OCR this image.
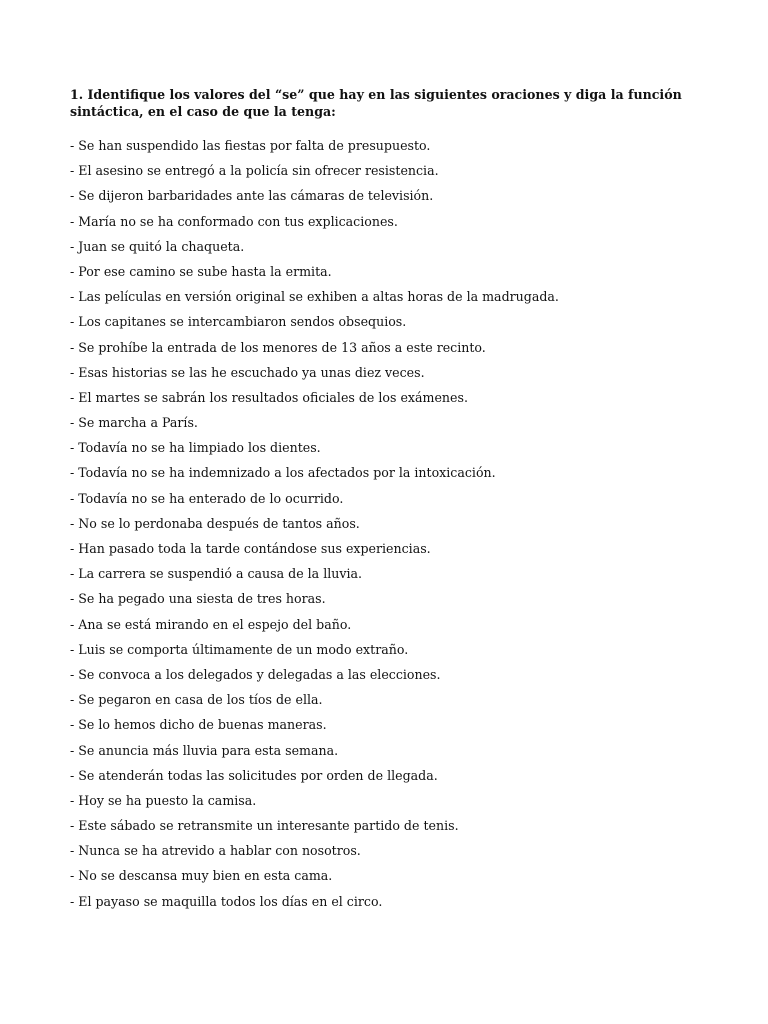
1. Identifique los valores del “se” que hay en las siguientes oraciones y diga la función sintáctica, en el caso de que la tenga:
- Se han suspendido las fiestas por falta de presupuesto.
- El asesino se entregó a la policía sin ofrecer resistencia.
- Se dijeron barbaridades ante las cámaras de televisión.
- María no se ha conformado con tus explicaciones.
- Juan se quitó la chaqueta.
- Por ese camino se sube hasta la ermita.
- Las películas en versión original se exhiben a altas horas de la madrugada.
- Los capitanes se intercambiaron sendos obsequios.
- Se prohíbe la entrada de los menores de 13 años a este recinto.
- Esas historias se las he escuchado ya unas diez veces.
- El martes se sabrán los resultados oficiales de los exámenes.
- Se marcha a París.
- Todavía no se ha limpiado los dientes.
- Todavía no se ha indemnizado a los afectados por la intoxicación.
- Todavía no se ha enterado de lo ocurrido.
- No se lo perdonaba después de tantos años.
- Han pasado toda la tarde contándose sus experiencias.
- La carrera se suspendió a causa de la lluvia.
- Se ha pegado una siesta de tres horas.
- Ana se está mirando en el espejo del baño.
- Luis se comporta últimamente de un modo extraño.
- Se convoca a los delegados y delegadas a las elecciones.
- Se pegaron en casa de los tíos de ella.
- Se lo hemos dicho de buenas maneras.
- Se anuncia más lluvia para esta semana.
- Se atenderán todas las solicitudes por orden de llegada.
- Hoy se ha puesto la camisa.
- Este sábado se retransmite un interesante partido de tenis.
- Nunca se ha atrevido a hablar con nosotros.
- No se descansa muy bien en esta cama.
- El payaso se maquilla todos los días en el circo.
